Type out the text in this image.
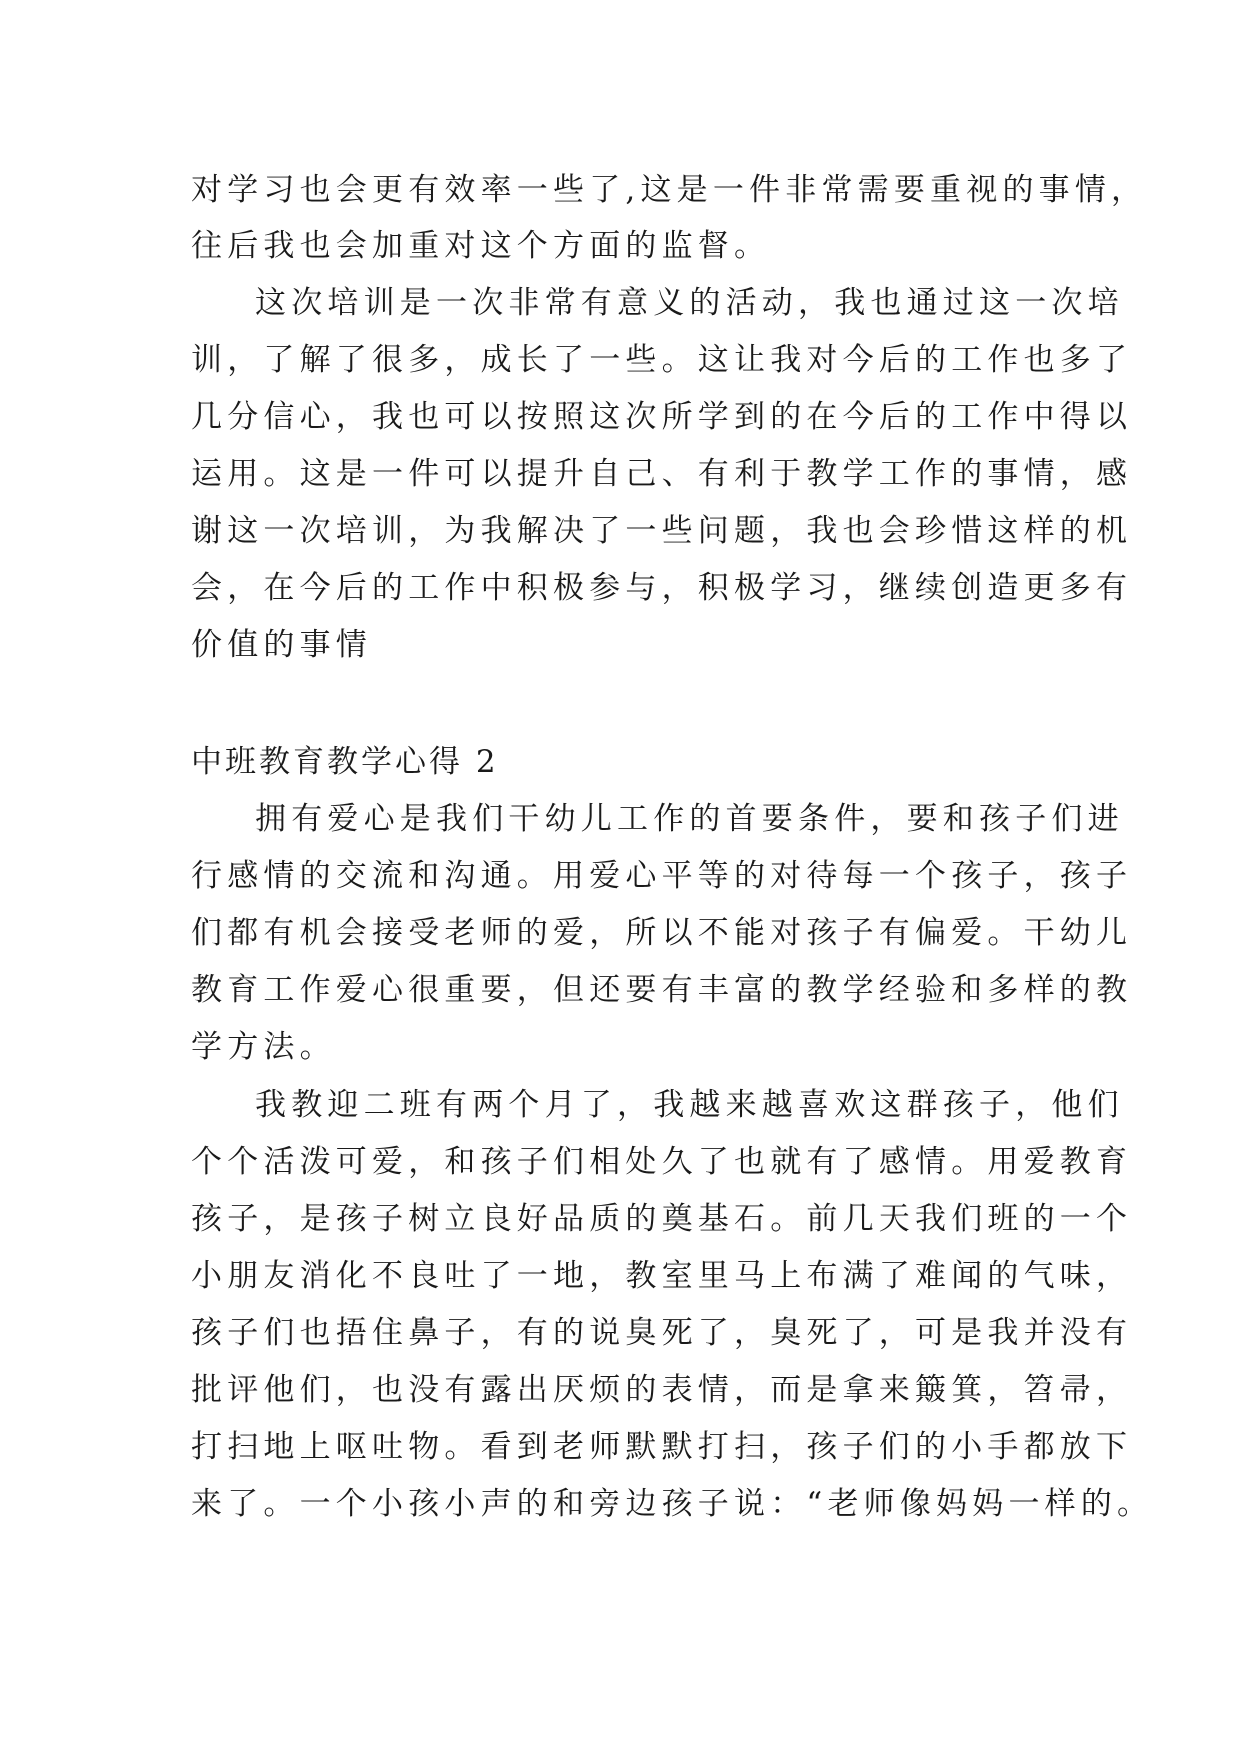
对学习也会更有效率一些了,这是一件非常需要重视的事情，

往后我也会加重对这个方面的监督。

这次培训是一次非常有意义的活动，我也通过这一次培

训，了解了很多，成长了一些。这让我对今后的工作也多了

几分信心，我也可以按照这次所学到的在今后的工作中得以

运用。这是一件可以提升自己、有利于教学工作的事情，感

谢这一次培训，为我解决了一些问题，我也会珍惜这样的机

会，在今后的工作中积极参与，积极学习，继续创造更多有

价值的事情

中班教育教学心得 2

拥有爱心是我们干幼儿工作的首要条件，要和孩子们进

行感情的交流和沟通。用爱心平等的对待每一个孩子，孩子

们都有机会接受老师的爱，所以不能对孩子有偏爱。干幼儿

教育工作爱心很重要，但还要有丰富的教学经验和多样的教

学方法。

我教迎二班有两个月了，我越来越喜欢这群孩子，他们

个个活泼可爱，和孩子们相处久了也就有了感情。用爱教育

孩子，是孩子树立良好品质的奠基石。前几天我们班的一个

小朋友消化不良吐了一地，教室里马上布满了难闻的气味，

孩子们也捂住鼻子，有的说臭死了，臭死了，可是我并没有

批评他们，也没有露出厌烦的表情，而是拿来簸箕，笤帚，

打扫地上呕吐物。看到老师默默打扫，孩子们的小手都放下

来了。一个小孩小声的和旁边孩子说：“老师像妈妈一样的。
